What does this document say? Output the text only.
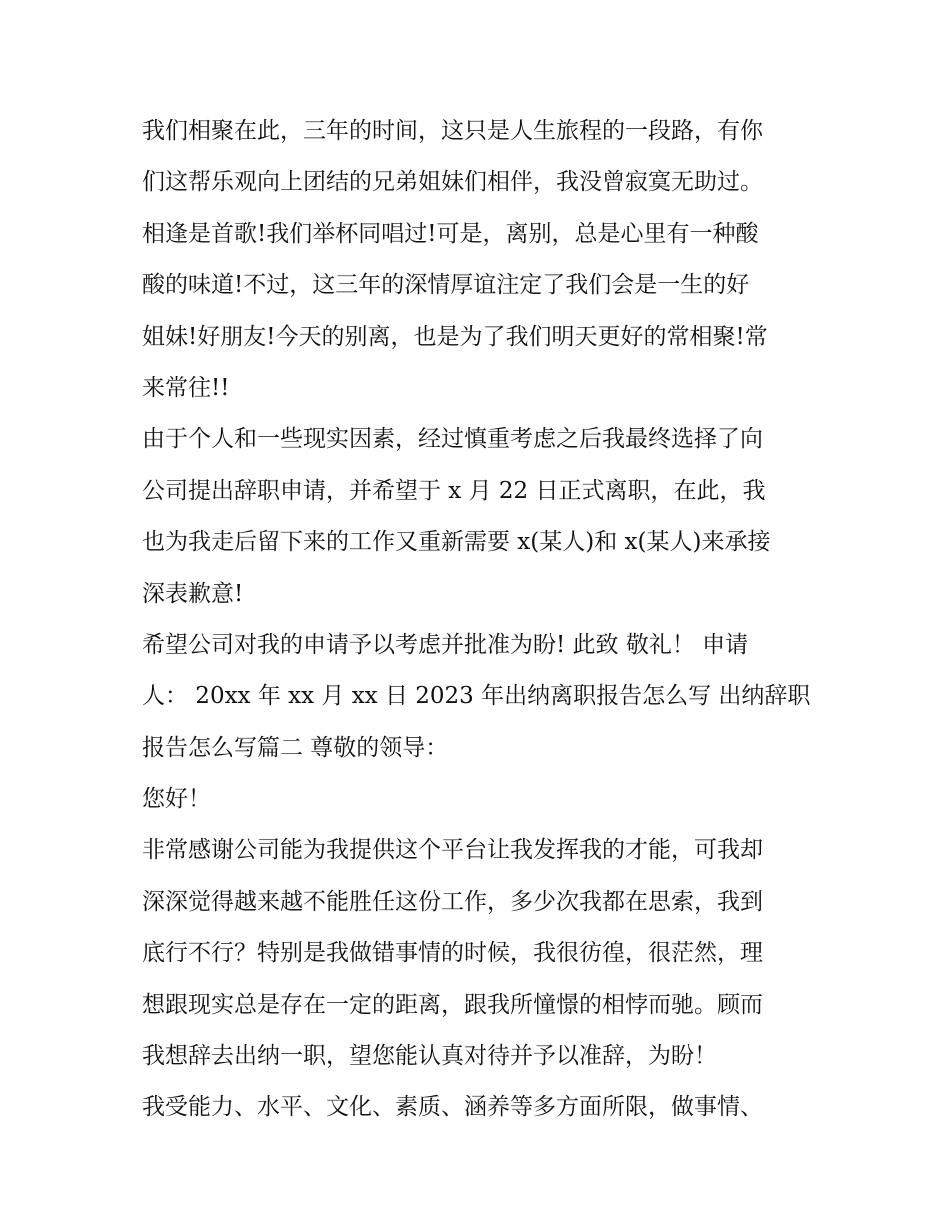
我们相聚在此，三年的时间，这只是人生旅程的一段路，有你
们这帮乐观向上团结的兄弟姐妹们相伴，我没曾寂寞无助过。
相逢是首歌!我们举杯同唱过!可是，离别，总是心里有一种酸
酸的味道!不过，这三年的深情厚谊注定了我们会是一生的好
姐妹!好朋友!今天的别离，也是为了我们明天更好的常相聚!常
来常往!!
由于个人和一些现实因素，经过慎重考虑之后我最终选择了向
公司提出辞职申请，并希望于 x 月 22 日正式离职，在此，我
也为我走后留下来的工作又重新需要 x(某人)和 x(某人)来承接
深表歉意!
希望公司对我的申请予以考虑并批准为盼! 此致 敬礼！ 申请
人： 20xx 年 xx 月 xx 日 2023 年出纳离职报告怎么写 出纳辞职
报告怎么写篇二 尊敬的领导：
您好！
非常感谢公司能为我提供这个平台让我发挥我的才能，可我却
深深觉得越来越不能胜任这份工作，多少次我都在思索，我到
底行不行？特别是我做错事情的时候，我很彷徨，很茫然，理
想跟现实总是存在一定的距离，跟我所憧憬的相悖而驰。顾而
我想辞去出纳一职，望您能认真对待并予以准辞，为盼！
我受能力、水平、文化、素质、涵养等多方面所限，做事情、
